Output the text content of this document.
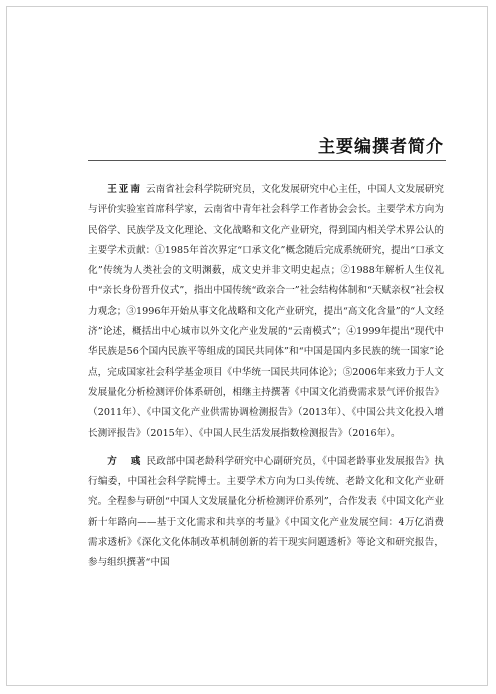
主要编撰者简介

王亚南 云南省社会科学院研究员，文化发展研究中心主任，中国人文发展研究与评价实验室首席科学家，云南省中青年社会科学工作者协会会长。主要学术方向为民俗学、民族学及文化理论、文化战略和文化产业研究，得到国内相关学术界公认的主要学术贡献：①1985年首次界定“口承文化”概念随后完成系统研究，提出“口承文化”传统为人类社会的文明渊薮，成文史并非文明史起点；②1988年解析人生仪礼中“亲长身份晋升仪式”，指出中国传统“政亲合一”社会结构体制和“天赋亲权”社会权力观念；③1996年开始从事文化战略和文化产业研究，提出“高文化含量”的“人文经济”论述，概括出中心城市以外文化产业发展的“云南模式”；④1999年提出“现代中华民族是56个国内民族平等组成的国民共同体”和“中国是国内多民族的统一国家”论点，完成国家社会科学基金项目《中华统一国民共同体论》；⑤2006年来致力于人文发展量化分析检测评价体系研创，相继主持撰著《中国文化消费需求景气评价报告》（2011年）、《中国文化产业供需协调检测报告》（2013年）、《中国公共文化投入增长测评报告》（2015年）、《中国人民生活发展指数检测报告》（2016年）。

方　彧 民政部中国老龄科学研究中心副研究员，《中国老龄事业发展报告》执行编委，中国社会科学院博士。主要学术方向为口头传统、老龄文化和文化产业研究。全程参与研创“中国人文发展量化分析检测评价系列”，合作发表《中国文化产业新十年路向——基于文化需求和共享的考量》《中国文化产业发展空间：4万亿消费需求透析》《深化文化体制改革机制创新的若干现实问题透析》等论文和研究报告，参与组织撰著“中国
